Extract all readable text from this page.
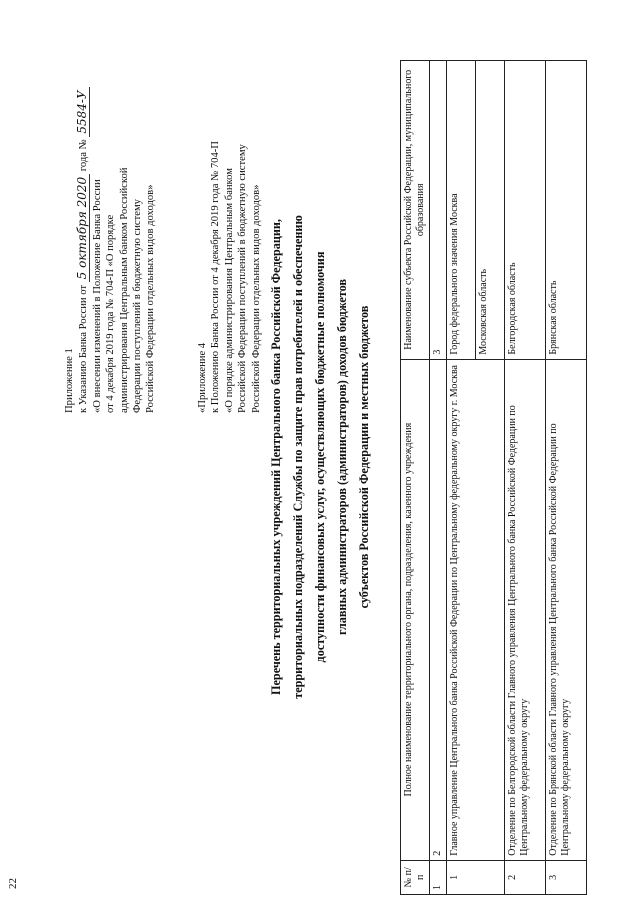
22

Приложение 1 к Указанию Банка России от 5 октября 2020 года № 5584-У

«О внесении изменений в Положение Банка России от 4 декабря 2019 года № 704-П «О порядке администрирования Центральным банком Российской Федерации поступлений в бюджетную систему Российской Федерации отдельных видов доходов»	«Приложение 4 к Положению Банка России от 4 декабря 2019 года № 704-П «О порядке администрирования Центральным банком Российской Федерации поступлений в бюджетную систему Российской Федерации отдельных видов доходов» Перечень территориальных учреждений Центрального банка Российской Федерации, территориальных подразделений Службы по защите прав потребителей и обеспечению доступности финансовых услуг, осуществляющих бюджетные полномочия главных администраторов (администраторов) доходов бюджетов субъектов Российской Федерации и местных бюджетов

№ п/п	Полное наименование территориального органа, подразделения, казенного учреждения	Наименование субъекта Российской Федерации, муниципального образования
1	2	3
1	Главное управление Центрального банка Российской Федерации по Центральному федеральному округу г. Москва	Город федерального значения Москва
		Московская область
2	Отделение по Белгородской области Главного управления Центрального банка Российской Федерации по Центральному федеральному округу	Белгородская область
3	Отделение по Брянской области Главного управления Центрального банка Российской Федерации по Центральному федеральному округу	Брянская область
